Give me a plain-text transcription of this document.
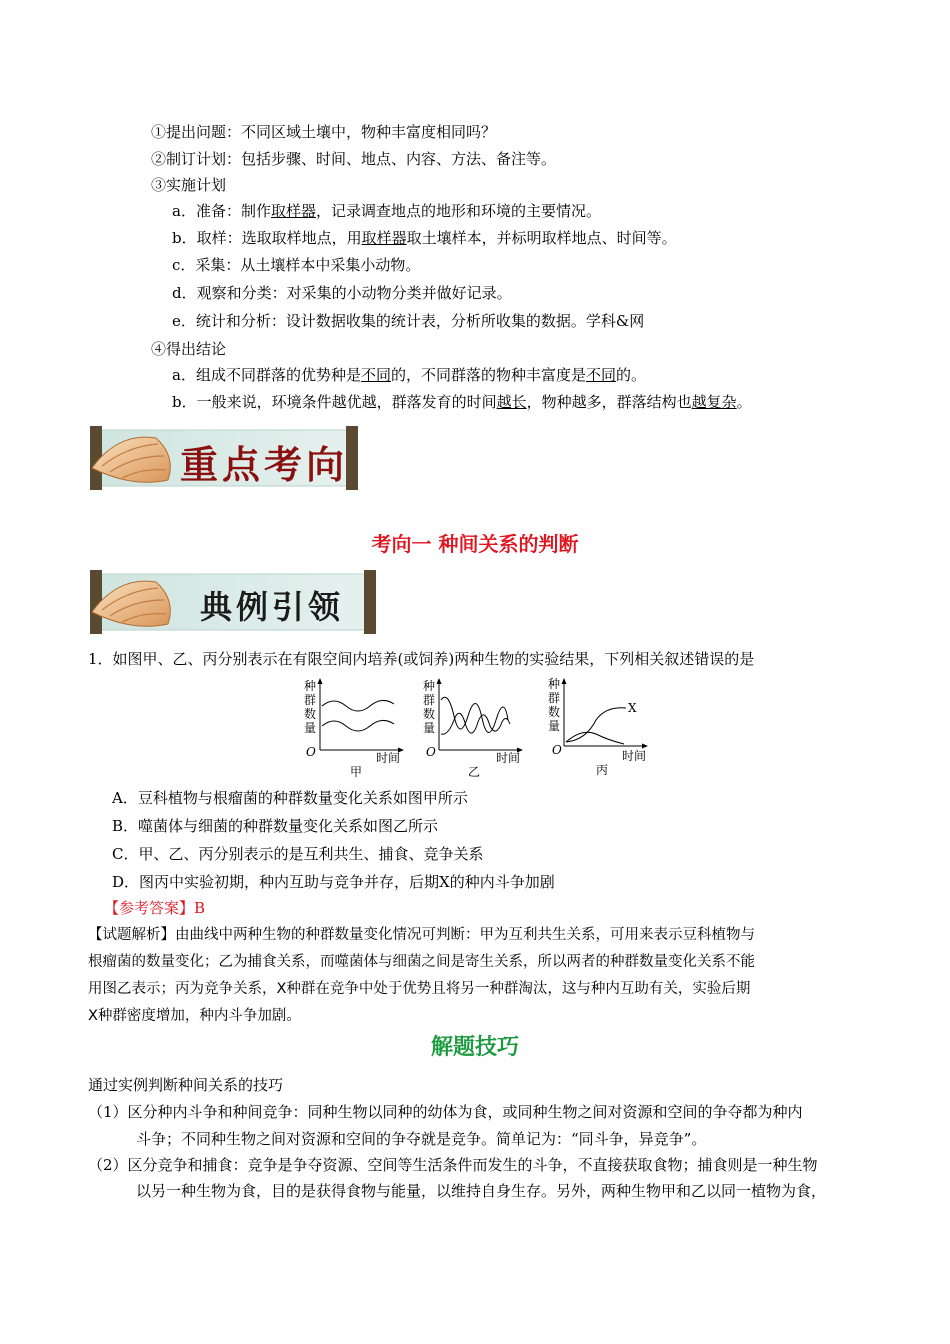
①提出问题：不同区域土壤中，物种丰富度相同吗？
②制订计划：包括步骤、时间、地点、内容、方法、备注等。
③实施计划
a．准备：制作取样器，记录调查地点的地形和环境的主要情况。
b．取样：选取取样地点，用取样器取土壤样本，并标明取样地点、时间等。
c．采集：从土壤样本中采集小动物。
d．观察和分类：对采集的小动物分类并做好记录。
e．统计和分析：设计数据收集的统计表，分析所收集的数据。学科&网
④得出结论
a．组成不同群落的优势种是不同的，不同群落的物种丰富度是不同的。
b．一般来说，环境条件越优越，群落发育的时间越长，物种越多，群落结构也越复杂。
重点考向
考向一 种间关系的判断
典例引领
1．如图甲、乙、丙分别表示在有限空间内培养(或饲养)两种生物的实验结果，下列相关叙述错误的是
种
群
数
量
O	时间
甲
种
群
数
量
O	时间
乙
X
种
群
数
量
O	时间
丙
A．豆科植物与根瘤菌的种群数量变化关系如图甲所示
B．噬菌体与细菌的种群数量变化关系如图乙所示
C．甲、乙、丙分别表示的是互利共生、捕食、竞争关系
D．图丙中实验初期，种内互助与竞争并存，后期X的种内斗争加剧
【参考答案】B
【试题解析】由曲线中两种生物的种群数量变化情况可判断：甲为互利共生关系，可用来表示豆科植物与
根瘤菌的数量变化；乙为捕食关系，而噬菌体与细菌之间是寄生关系，所以两者的种群数量变化关系不能
用图乙表示；丙为竞争关系，X种群在竞争中处于优势且将另一种群淘汰，这与种内互助有关，实验后期
X种群密度增加，种内斗争加剧。
解题技巧
通过实例判断种间关系的技巧
（1）区分种内斗争和种间竞争：同种生物以同种的幼体为食，或同种生物之间对资源和空间的争夺都为种内
斗争；不同种生物之间对资源和空间的争夺就是竞争。简单记为：“同斗争，异竞争”。
（2）区分竞争和捕食：竞争是争夺资源、空间等生活条件而发生的斗争，不直接获取食物；捕食则是一种生物
以另一种生物为食，目的是获得食物与能量，以维持自身生存。另外，两种生物甲和乙以同一植物为食，
